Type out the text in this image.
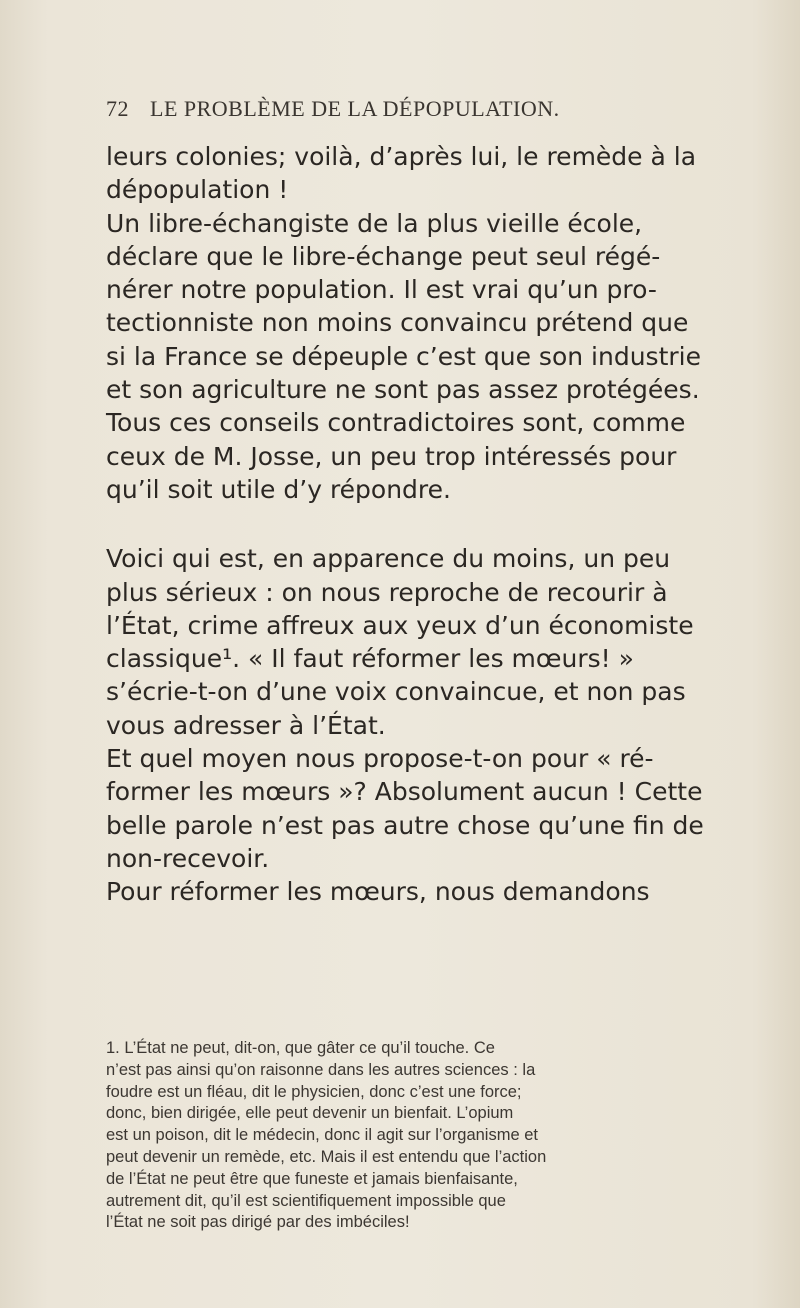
72 LE PROBLÈME DE LA DÉPOPULATION.
leurs colonies; voilà, d’après lui, le remède à la
dépopulation !
Un libre-échangiste de la plus vieille école,
déclare que le libre-échange peut seul régé-
nérer notre population. Il est vrai qu’un pro-
tectionniste non moins convaincu prétend que
si la France se dépeuple c’est que son industrie
et son agriculture ne sont pas assez protégées.
Tous ces conseils contradictoires sont, comme
ceux de M. Josse, un peu trop intéressés pour
qu’il soit utile d’y répondre.
Voici qui est, en apparence du moins, un peu
plus sérieux : on nous reproche de recourir à
l’État, crime affreux aux yeux d’un économiste
classique¹. « Il faut réformer les mœurs! »
s’écrie-t-on d’une voix convaincue, et non pas
vous adresser à l’État.
Et quel moyen nous propose-t-on pour « ré-
former les mœurs »? Absolument aucun ! Cette
belle parole n’est pas autre chose qu’une fin de
non-recevoir.
Pour réformer les mœurs, nous demandons
1. L’État ne peut, dit-on, que gâter ce qu’il touche. Ce
n’est pas ainsi qu’on raisonne dans les autres sciences : la
foudre est un fléau, dit le physicien, donc c’est une force;
donc, bien dirigée, elle peut devenir un bienfait. L’opium
est un poison, dit le médecin, donc il agit sur l’organisme et
peut devenir un remède, etc. Mais il est entendu que l’action
de l’État ne peut être que funeste et jamais bienfaisante,
autrement dit, qu’il est scientifiquement impossible que
l’État ne soit pas dirigé par des imbéciles!
